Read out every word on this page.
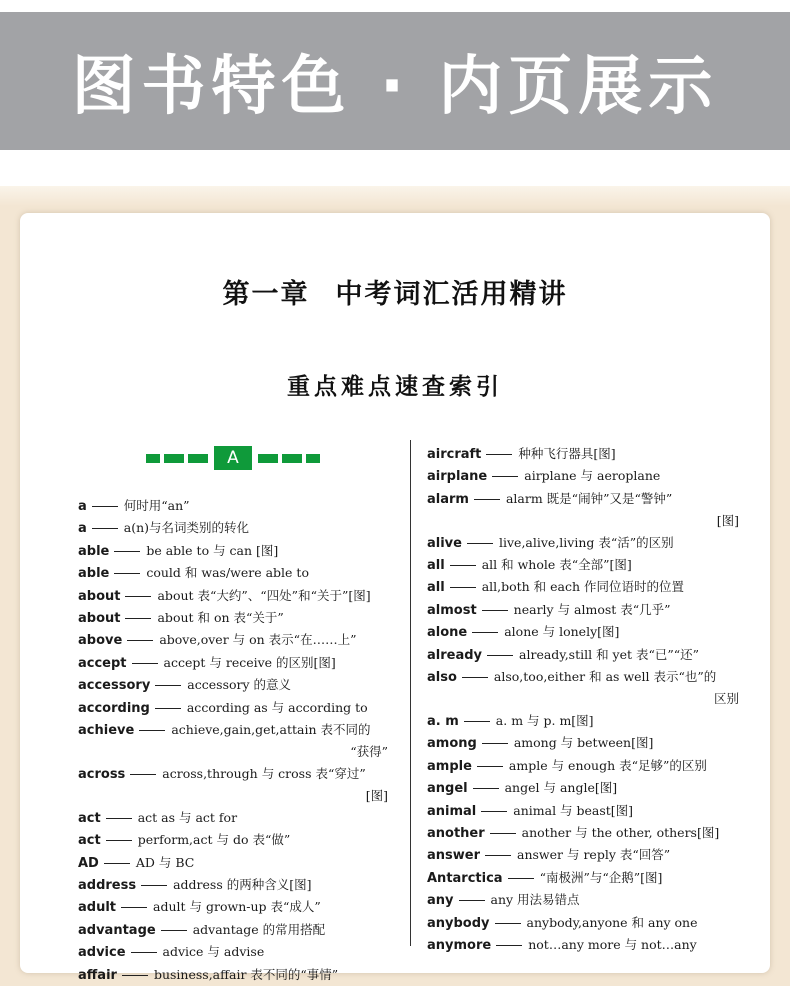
图书特色 · 内页展示
第一章 中考词汇活用精讲
重点难点速查索引
A
a	何时用“an”
a	a(n)与名词类别的转化
able	be able to 与 can [图]
able	could 和 was/were able to
about	about 表“大约”、“四处”和“关于”[图]
about	about 和 on 表“关于”
above	above,over 与 on 表示“在……上”
accept	accept 与 receive 的区别[图]
accessory	accessory 的意义
according	according as 与 according to
achieve	achieve,gain,get,attain 表不同的
“获得”
across	across,through 与 cross 表“穿过”
[图]
act	act as 与 act for
act	perform,act 与 do 表“做”
AD	AD 与 BC
address	address 的两种含义[图]
adult	adult 与 grown-up 表“成人”
advantage	advantage 的常用搭配
advice	advice 与 advise
affair	business,affair 表不同的“事情”
aircraft	种种飞行器具[图]
airplane	airplane 与 aeroplane
alarm	alarm 既是“闹钟”又是“警钟”
[图]
alive	live,alive,living 表“活”的区别
all	all 和 whole 表“全部”[图]
all	all,both 和 each 作同位语时的位置
almost	nearly 与 almost 表“几乎”
alone	alone 与 lonely[图]
already	already,still 和 yet 表“已”“还”
also	also,too,either 和 as well 表示“也”的
区别
a. m	a. m 与 p. m[图]
among	among 与 between[图]
ample	ample 与 enough 表“足够”的区别
angel	angel 与 angle[图]
animal	animal 与 beast[图]
another	another 与 the other, others[图]
answer	answer 与 reply 表“回答”
Antarctica	“南极洲”与“企鹅”[图]
any	any 用法易错点
anybody	anybody,anyone 和 any one
anymore	not…any more 与 not…any
